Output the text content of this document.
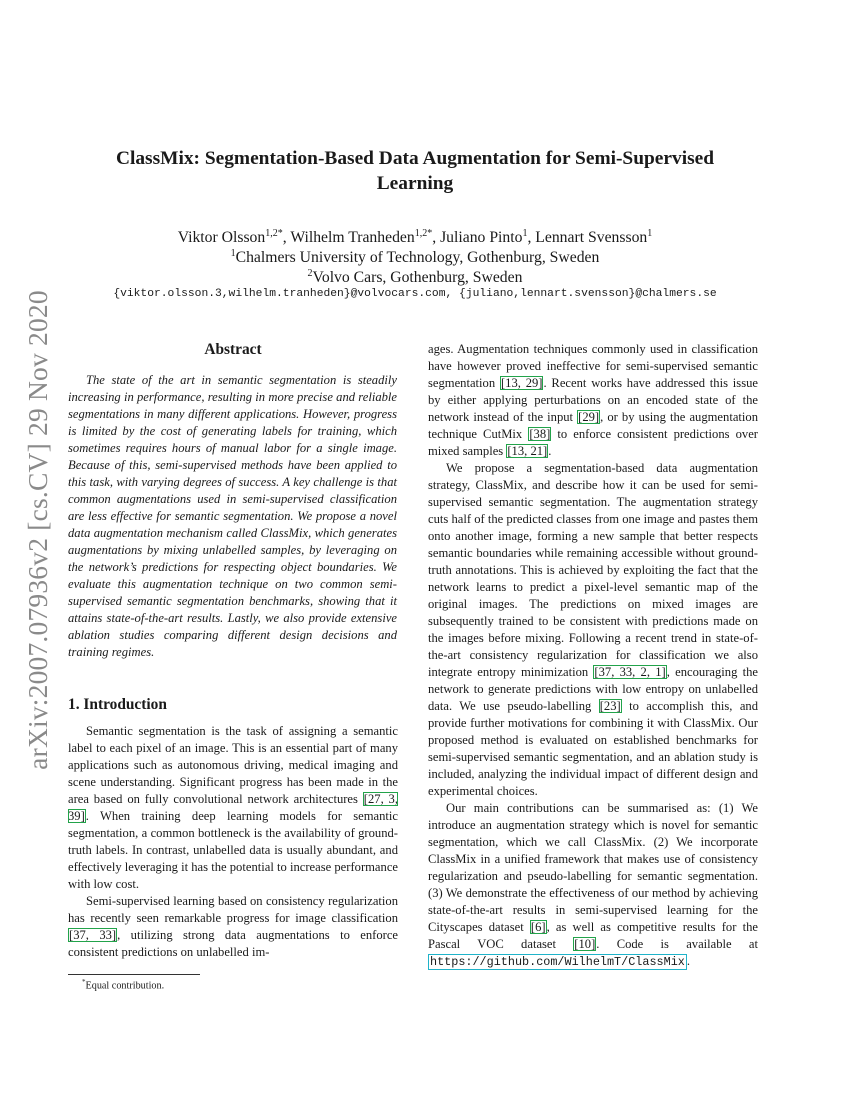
arXiv:2007.07936v2 [cs.CV] 29 Nov 2020
ClassMix: Segmentation-Based Data Augmentation for Semi-Supervised Learning
Viktor Olsson$^{1,2*}$, Wilhelm Tranheden$^{1,2*}$, Juliano Pinto$^1$, Lennart Svensson$^1$
$^1$Chalmers University of Technology, Gothenburg, Sweden
$^2$Volvo Cars, Gothenburg, Sweden
{viktor.olsson.3,wilhelm.tranheden}@volvocars.com, {juliano,lennart.svensson}@chalmers.se
Abstract

The state of the art in semantic segmentation is steadily increasing in performance, resulting in more precise and reliable segmentations in many different applications. However, progress is limited by the cost of generating labels for training, which sometimes requires hours of manual labor for a single image. Because of this, semi-supervised methods have been applied to this task, with varying degrees of success. A key challenge is that common augmentations used in semi-supervised classification are less effective for semantic segmentation. We propose a novel data augmentation mechanism called ClassMix, which generates augmentations by mixing unlabelled samples, by leveraging on the network’s predictions for respecting object boundaries. We evaluate this augmentation technique on two common semi-supervised semantic segmentation benchmarks, showing that it attains state-of-the-art results. Lastly, we also provide extensive ablation studies comparing different design decisions and training regimes.

1. Introduction

Semantic segmentation is the task of assigning a semantic label to each pixel of an image. This is an essential part of many applications such as autonomous driving, medical imaging and scene understanding. Significant progress has been made in the area based on fully convolutional network architectures [27, 3, 39]. When training deep learning models for semantic segmentation, a common bottleneck is the availability of ground-truth labels. In contrast, unlabelled data is usually abundant, and effectively leveraging it has the potential to increase performance with low cost.

Semi-supervised learning based on consistency regularization has recently seen remarkable progress for image classification [37, 33], utilizing strong data augmentations to enforce consistent predictions on unlabelled im-

ages. Augmentation techniques commonly used in classification have however proved ineffective for semi-supervised semantic segmentation [13, 29]. Recent works have addressed this issue by either applying perturbations on an encoded state of the network instead of the input [29], or by using the augmentation technique CutMix [38] to enforce consistent predictions over mixed samples [13, 21].

We propose a segmentation-based data augmentation strategy, ClassMix, and describe how it can be used for semi-supervised semantic segmentation. The augmentation strategy cuts half of the predicted classes from one image and pastes them onto another image, forming a new sample that better respects semantic boundaries while remaining accessible without ground-truth annotations. This is achieved by exploiting the fact that the network learns to predict a pixel-level semantic map of the original images. The predictions on mixed images are subsequently trained to be consistent with predictions made on the images before mixing. Following a recent trend in state-of-the-art consistency regularization for classification we also integrate entropy minimization [37, 33, 2, 1], encouraging the network to generate predictions with low entropy on unlabelled data. We use pseudo-labelling [23] to accomplish this, and provide further motivations for combining it with ClassMix. Our proposed method is evaluated on established benchmarks for semi-supervised semantic segmentation, and an ablation study is included, analyzing the individual impact of different design and experimental choices.

Our main contributions can be summarised as: (1) We introduce an augmentation strategy which is novel for semantic segmentation, which we call ClassMix. (2) We incorporate ClassMix in a unified framework that makes use of consistency regularization and pseudo-labelling for semantic segmentation. (3) We demonstrate the effectiveness of our method by achieving state-of-the-art results in semi-supervised learning for the Cityscapes dataset [6], as well as competitive results for the Pascal VOC dataset [10]. Code is available at https://github.com/WilhelmT/ClassMix .

*Equal contribution.
